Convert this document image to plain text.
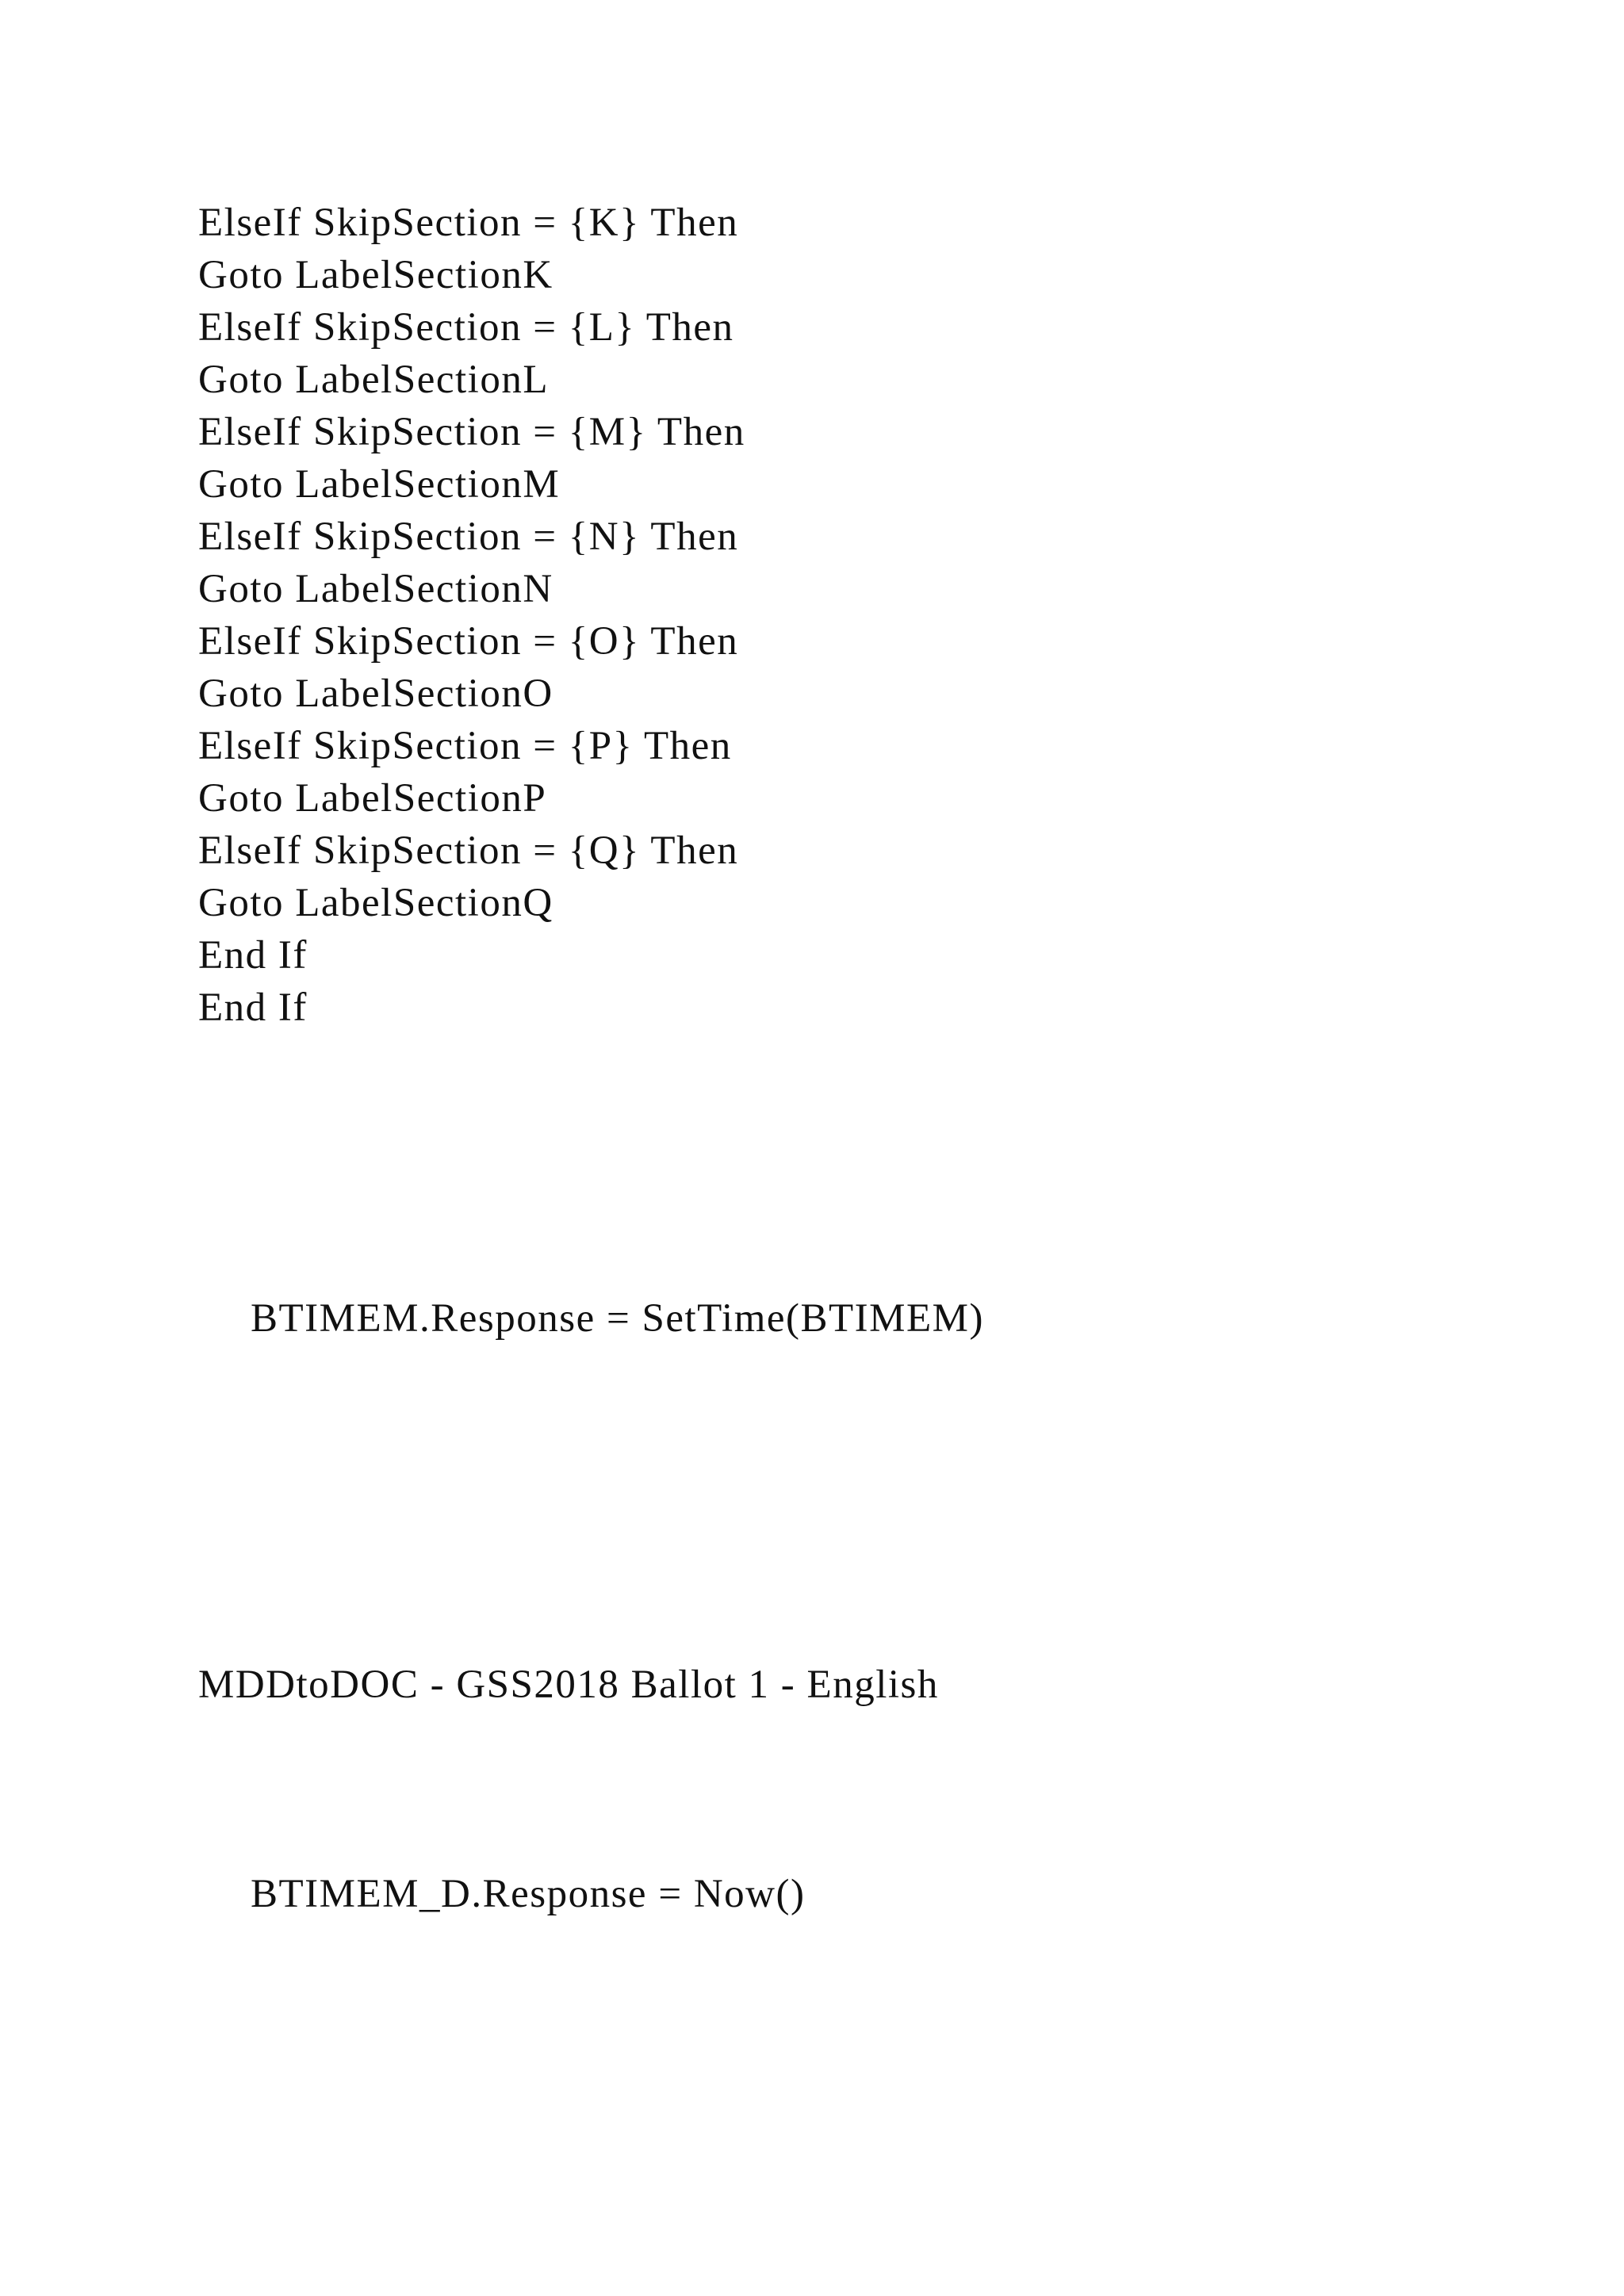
ElseIf SkipSection = {K} Then
Goto LabelSectionK
ElseIf SkipSection = {L} Then
Goto LabelSectionL
ElseIf SkipSection = {M} Then
Goto LabelSectionM
ElseIf SkipSection = {N} Then
Goto LabelSectionN
ElseIf SkipSection = {O} Then
Goto LabelSectionO
ElseIf SkipSection = {P} Then
Goto LabelSectionP
ElseIf SkipSection = {Q} Then
Goto LabelSectionQ
End If
End If
BTIMEM.Response = SetTime(BTIMEM)
MDDtoDOC - GSS2018 Ballot 1 - English
BTIMEM_D.Response = Now()
